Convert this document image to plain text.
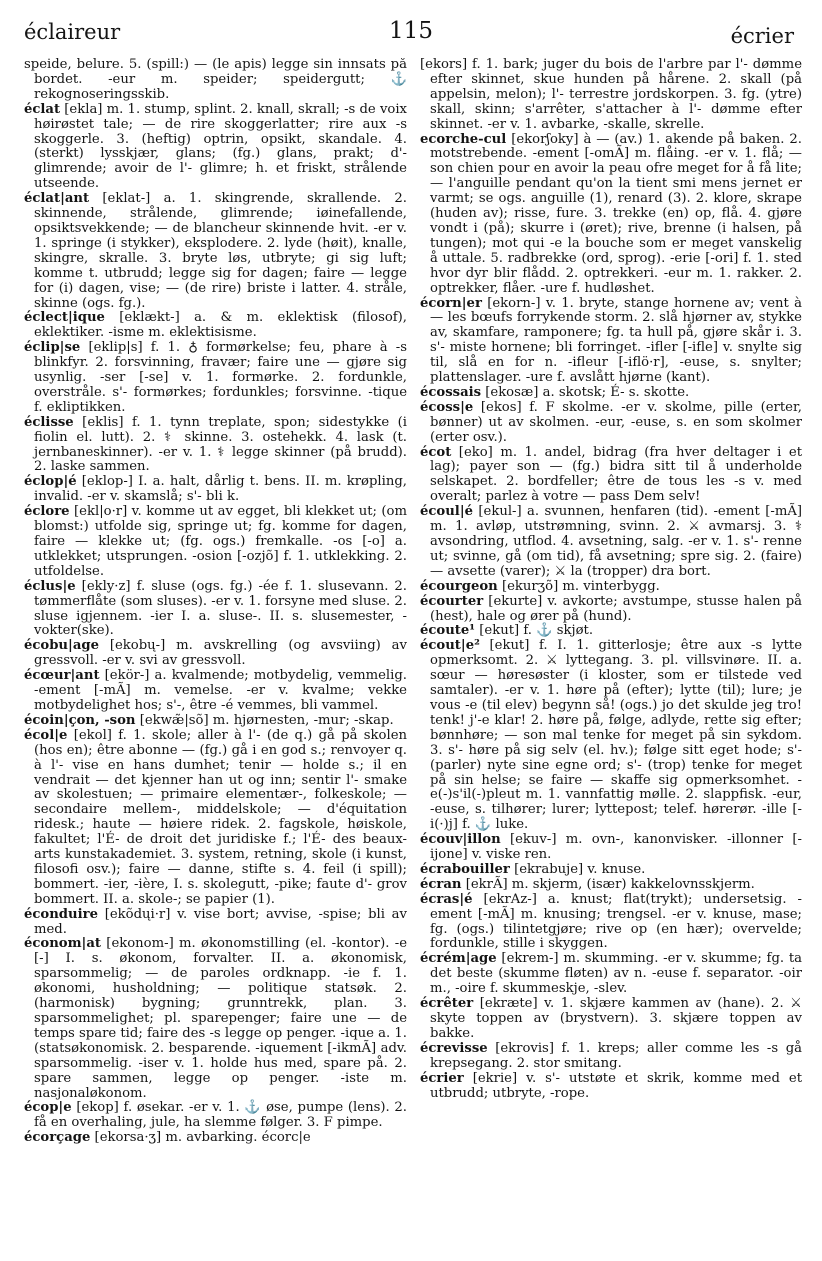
éclaireur	115	écrier

speide, belure. 5. (spill:) — (le apis) legge sin innsats på bordet. -eur m. speider; speidergutt; ⚓ rekognoseringsskib.

éclat [ekla] m. 1. stump, splint. 2. knall, skrall; -s de voix høirøstet tale; — de rire skoggerlatter; rire aux -s skoggerle. 3. (heftig) optrin, opsikt, skandale. 4. (sterkt) lysskjær, glans; (fg.) glans, prakt; d'- glimrende; avoir de l'- glimre; h. et friskt, strålende utseende.

éclat|ant [eklat-] a. 1. skingrende, skrallende. 2. skinnende, strålende, glimrende; iøinefallende, opsiktsvekkende; — de blancheur skinnende hvit. -er v. 1. springe (i stykker), eksplodere. 2. lyde (høit), knalle, skingre, skralle. 3. bryte løs, utbryte; gi sig luft; komme t. utbrudd; legge sig for dagen; faire — legge for (i) dagen, vise; — (de rire) briste i latter. 4. stråle, skinne (ogs. fg.).

éclect|ique [eklækt-] a. & m. eklektisk (filosof), eklektiker. -isme m. eklektisisme.

éclip|se [eklip|s] f. 1. ♁ formørkelse; feu, phare à -s blinkfyr. 2. forsvinning, fravær; faire une — gjøre sig usynlig. -ser [-se] v. 1. formørke. 2. fordunkle, overstråle. s'- formørkes; fordunkles; forsvinne. -tique f. ekliptikken.

éclisse [eklis] f. 1. tynn treplate, spon; sidestykke (i fiolin el. lutt). 2. ⚕ skinne. 3. ostehekk. 4. lask (t. jernbaneskinner). -er v. 1. ⚕ legge skinner (på brudd). 2. laske sammen.

éclop|é [eklop-] I. a. halt, dårlig t. bens. II. m. krøpling, invalid. -er v. skamslå; s'- bli k.

éclore [ekl|o·r] v. komme ut av egget, bli klekket ut; (om blomst:) utfolde sig, springe ut; fg. komme for dagen, faire — klekke ut; (fg. ogs.) fremkalle. -os [-o] a. utklekket; utsprungen. -osion [-ozjõ] f. 1. utklekking. 2. utfoldelse.

éclus|e [ekly·z] f. sluse (ogs. fg.) -ée f. 1. slusevann. 2. tømmerflåte (som sluses). -er v. 1. forsyne med sluse. 2. sluse igjennem. -ier I. a. sluse-. II. s. slusemester, -vokter(ske).

écobu|age [ekobų-] m. avskrelling (og avsviing) av gressvoll. -er v. svi av gressvoll.

écœur|ant [ekör-] a. kvalmende; motbydelig, vemmelig. -ement [-mÃ] m. vemelse. -er v. kvalme; vekke motbydelighet hos; s'-, être -é vemmes, bli vammel.

écoin|çon, -son [ekwæ̃|sõ] m. hjørnesten, -mur; -skap.

écol|e [ekol] f. 1. skole; aller à l'- (de q.) gå på skolen (hos en); être abonne — (fg.) gå i en god s.; renvoyer q. à l'- vise en hans dumhet; tenir — holde s.; il en vendrait — det kjenner han ut og inn; sentir l'- smake av skolestuen; — primaire elementær-, folkeskole; — secondaire mellem-, middelskole; — d'équitation ridesk.; haute — høiere ridek. 2. fagskole, høiskole, fakultet; l'É- de droit det juridiske f.; l'É- des beaux-arts kunstakademiet. 3. system, retning, skole (i kunst, filosofi osv.); faire — danne, stifte s. 4. feil (i spill); bommert. -ier, -ière, I. s. skolegutt, -pike; faute d'- grov bommert. II. a. skole-; se papier (1).

éconduire [ekõdųi·r] v. vise bort; avvise, -spise; bli av med.

économ|at [ekonom-] m. økonomstilling (el. -kontor). -e [-] I. s. økonom, forvalter. II. a. økonomisk, sparsommelig; — de paroles ordknapp. -ie f. 1. økonomi, husholdning; — politique statsøk. 2. (harmonisk) bygning; grunntrekk, plan. 3. sparsommelighet; pl. sparepenger; faire une — de temps spare tid; faire des -s legge op penger. -ique a. 1. (statsøkonomisk. 2. besparende. -iquement [-ikmÃ] adv. sparsommelig. -iser v. 1. holde hus med, spare på. 2. spare sammen, legge op penger. -iste m. nasjonaløkonom.

écop|e [ekop] f. øsekar. -er v. 1. ⚓ øse, pumpe (lens). 2. få en overhaling, jule, ha slemme følger. 3. F pimpe.

écorçage [ekorsa·ʒ] m. avbarking. écorc|e

[ekors] f. 1. bark; juger du bois de l'arbre par l'- dømme efter skinnet, skue hunden på hårene. 2. skall (på appelsin, melon); l'- terrestre jordskorpen. 3. fg. (ytre) skall, skinn; s'arrêter, s'attacher à l'- dømme efter skinnet. -er v. 1. avbarke, -skalle, skrelle.

ecorche-cul [ekorʃoky] à — (av.) 1. akende på baken. 2. motstrebende. -ement [-omÃ] m. flåing. -er v. 1. flå; — son chien pour en avoir la peau ofre meget for å få lite; — l'anguille pendant qu'on la tient smi mens jernet er varmt; se ogs. anguille (1), renard (3). 2. klore, skrape (huden av); risse, fure. 3. trekke (en) op, flå. 4. gjøre vondt i (på); skurre i (øret); rive, brenne (i halsen, på tungen); mot qui -e la bouche som er meget vanskelig å uttale. 5. radbrekke (ord, sprog). -erie [-ori] f. 1. sted hvor dyr blir flådd. 2. optrekkeri. -eur m. 1. rakker. 2. optrekker, flåer. -ure f. hudløshet.

écorn|er [ekorn-] v. 1. bryte, stange hornene av; vent à — les bœufs forrykende storm. 2. slå hjørner av, stykke av, skamfare, ramponere; fg. ta hull på, gjøre skår i. 3. s'- miste hornene; bli forringet. -ifler [-ifle] v. snylte sig til, slå en for n. -ifleur [-iflö·r], -euse, s. snylter; plattenslager. -ure f. avslått hjørne (kant).

écossais [ekosæ] a. skotsk; É- s. skotte.

écoss|e [ekos] f. F skolme. -er v. skolme, pille (erter, bønner) ut av skolmen. -eur, -euse, s. en som skolmer (erter osv.).

écot [eko] m. 1. andel, bidrag (fra hver deltager i et lag); payer son — (fg.) bidra sitt til å underholde selskapet. 2. bordfeller; être de tous les -s v. med overalt; parlez à votre — pass Dem selv!

écoul|é [ekul-] a. svunnen, henfaren (tid). -ement [-mÃ] m. 1. avløp, utstrømning, svinn. 2. ⚔ avmarsj. 3. ⚕ avsondring, utflod. 4. avsetning, salg. -er v. 1. s'- renne ut; svinne, gå (om tid), få avsetning; spre sig. 2. (faire) — avsette (varer); ⚔ la (tropper) dra bort.

écourgeon [ekurʒõ] m. vinterbygg.

écourter [ekurte] v. avkorte; avstumpe, stusse halen på (hest), hale og ører på (hund).

écoute¹ [ekut] f. ⚓ skjøt.

écout|e² [ekut] f. I. 1. gitterlosje; être aux -s lytte opmerksomt. 2. ⚔ lyttegang. 3. pl. villsvinøre. II. a. sœur — høresøster (i kloster, som er tilstede ved samtaler). -er v. 1. høre på (efter); lytte (til); lure; je vous -e (til elev) begynn så! (ogs.) jo det skulde jeg tro! tenk! j'-e klar! 2. høre på, følge, adlyde, rette sig efter; bønnhøre; — son mal tenke for meget på sin sykdom. 3. s'- høre på sig selv (el. hv.); følge sitt eget hode; s'- (parler) nyte sine egne ord; s'- (trop) tenke for meget på sin helse; se faire — skaffe sig opmerksomhet. -e(-)s'il(-)pleut m. 1. vannfattig mølle. 2. slappfisk. -eur, -euse, s. tilhører; lurer; lyttepost; telef. hørerør. -ille [-i(·)j] f. ⚓ luke.

écouv|illon [ekuv-] m. ovn-, kanonvisker. -illonner [-ijone] v. viske ren.

écrabouiller [ekrabuje] v. knuse.

écran [ekrÃ] m. skjerm, (især) kakkelovnsskjerm.

écras|é [ekrAz-] a. knust; flat(trykt); undersetsig. -ement [-mÃ] m. knusing; trengsel. -er v. knuse, mase; fg. (ogs.) tilintetgjøre; rive op (en hær); overvelde; fordunkle, stille i skyggen.

écrém|age [ekrem-] m. skumming. -er v. skumme; fg. ta det beste (skumme fløten) av n. -euse f. separator. -oir m., -oire f. skummeskje, -slev.

écrêter [ekræte] v. 1. skjære kammen av (hane). 2. ⚔ skyte toppen av (brystvern). 3. skjære toppen av bakke.

écrevisse [ekrovis] f. 1. kreps; aller comme les -s gå krepsegang. 2. stor smitang.

écrier [ekrie] v. s'- utstøte et skrik, komme med et utbrudd; utbryte, -rope.
